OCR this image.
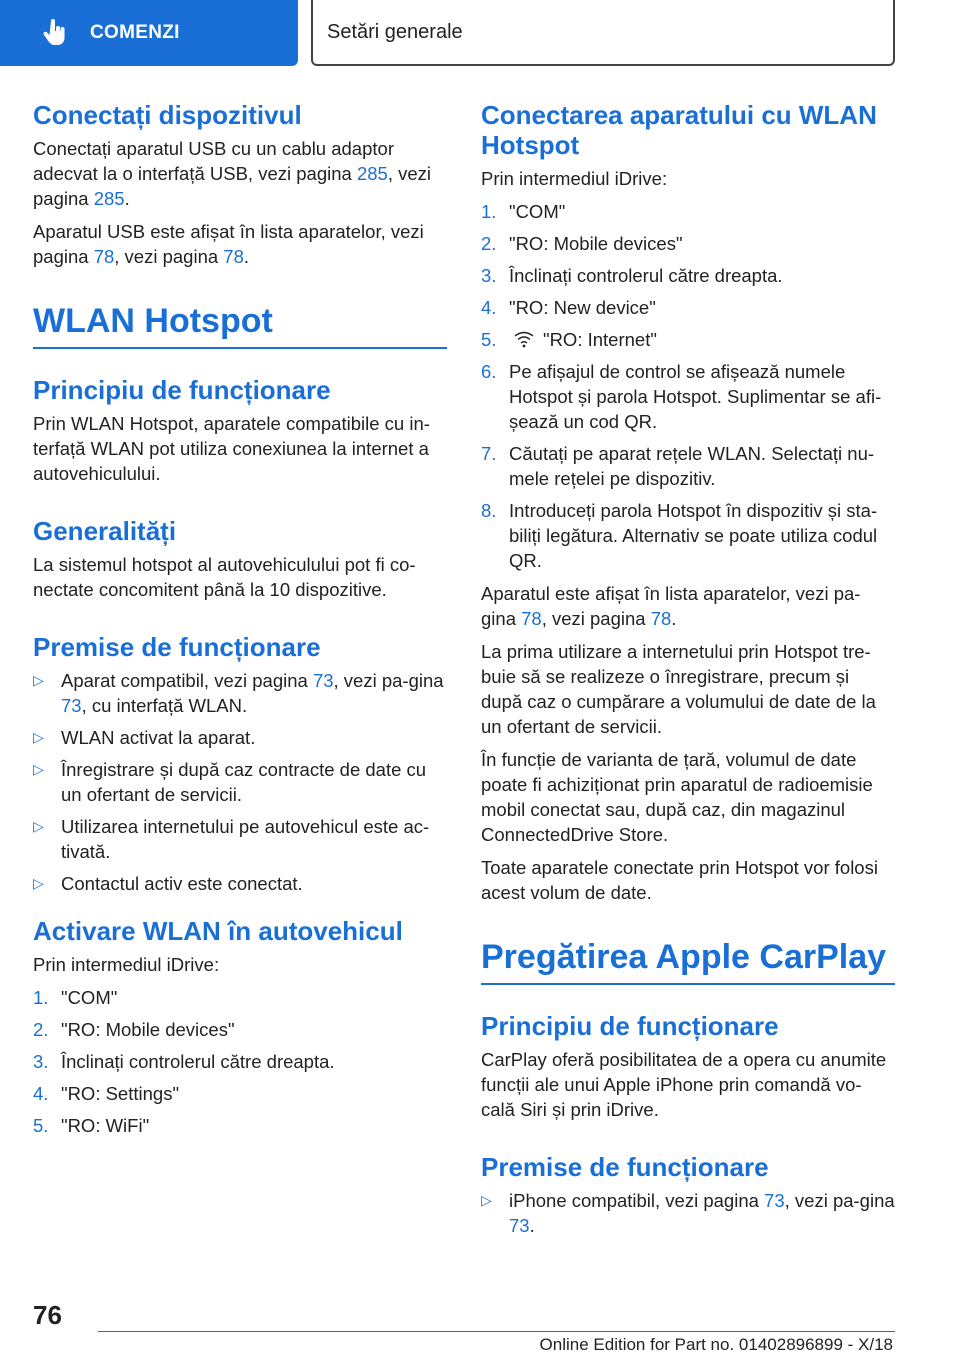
COMENZI	Setări generale
Conectați dispozitivul

Conectați aparatul USB cu un cablu adaptor adecvat la o interfață USB, vezi pagina 285, vezi pagina 285.

Aparatul USB este afișat în lista aparatelor, vezi pagina 78, vezi pagina 78.

WLAN Hotspot
Principiu de funcționare

Prin WLAN Hotspot, aparatele compatibile cu in-terfață WLAN pot utiliza conexiunea la internet a autovehiculului.

Generalități

La sistemul hotspot al autovehiculului pot fi co-nectate concomitent până la 10 dispozitive.

Premise de funcționare
▷ Aparat compatibil, vezi pagina 73, vezi pa-gina 73, cu interfață WLAN.
▷ WLAN activat la aparat.
▷ Înregistrare și după caz contracte de date cu un ofertant de servicii.
▷ Utilizarea internetului pe autovehicul este ac-tivată.
▷ Contactul activ este conectat.
Activare WLAN în autovehicul

Prin intermediul iDrive:

1. "COM"
2. "RO: Mobile devices"
3. Înclinați controlerul către dreapta.
4. "RO: Settings"
5. "RO: WiFi"
Conectarea aparatului cu WLAN Hotspot

Prin intermediul iDrive:

1. "COM"
2. "RO: Mobile devices"
3. Înclinați controlerul către dreapta.
4. "RO: New device"
5.	"RO: Internet"
6. Pe afișajul de control se afișează numele Hotspot și parola Hotspot. Suplimentar se afi-șează un cod QR.
7. Căutați pe aparat rețele WLAN. Selectați nu-mele rețelei pe dispozitiv.
8. Introduceți parola Hotspot în dispozitiv și sta-biliți legătura. Alternativ se poate utiliza codul QR.

Aparatul este afișat în lista aparatelor, vezi pa-gina 78, vezi pagina 78.

La prima utilizare a internetului prin Hotspot tre-buie să se realizeze o înregistrare, precum și după caz o cumpărare a volumului de date de la un ofertant de servicii.

În funcție de varianta de țară, volumul de date poate fi achiziționat prin aparatul de radioemisie mobil conectat sau, după caz, din magazinul ConnectedDrive Store.

Toate aparatele conectate prin Hotspot vor folosi acest volum de date.

Pregătirea Apple CarPlay
Principiu de funcționare

CarPlay oferă posibilitatea de a opera cu anumite funcții ale unui Apple iPhone prin comandă vo-cală Siri și prin iDrive.

Premise de funcționare
▷ iPhone compatibil, vezi pagina 73, vezi pa-gina 73.
76
Online Edition for Part no. 01402896899 - X/18
